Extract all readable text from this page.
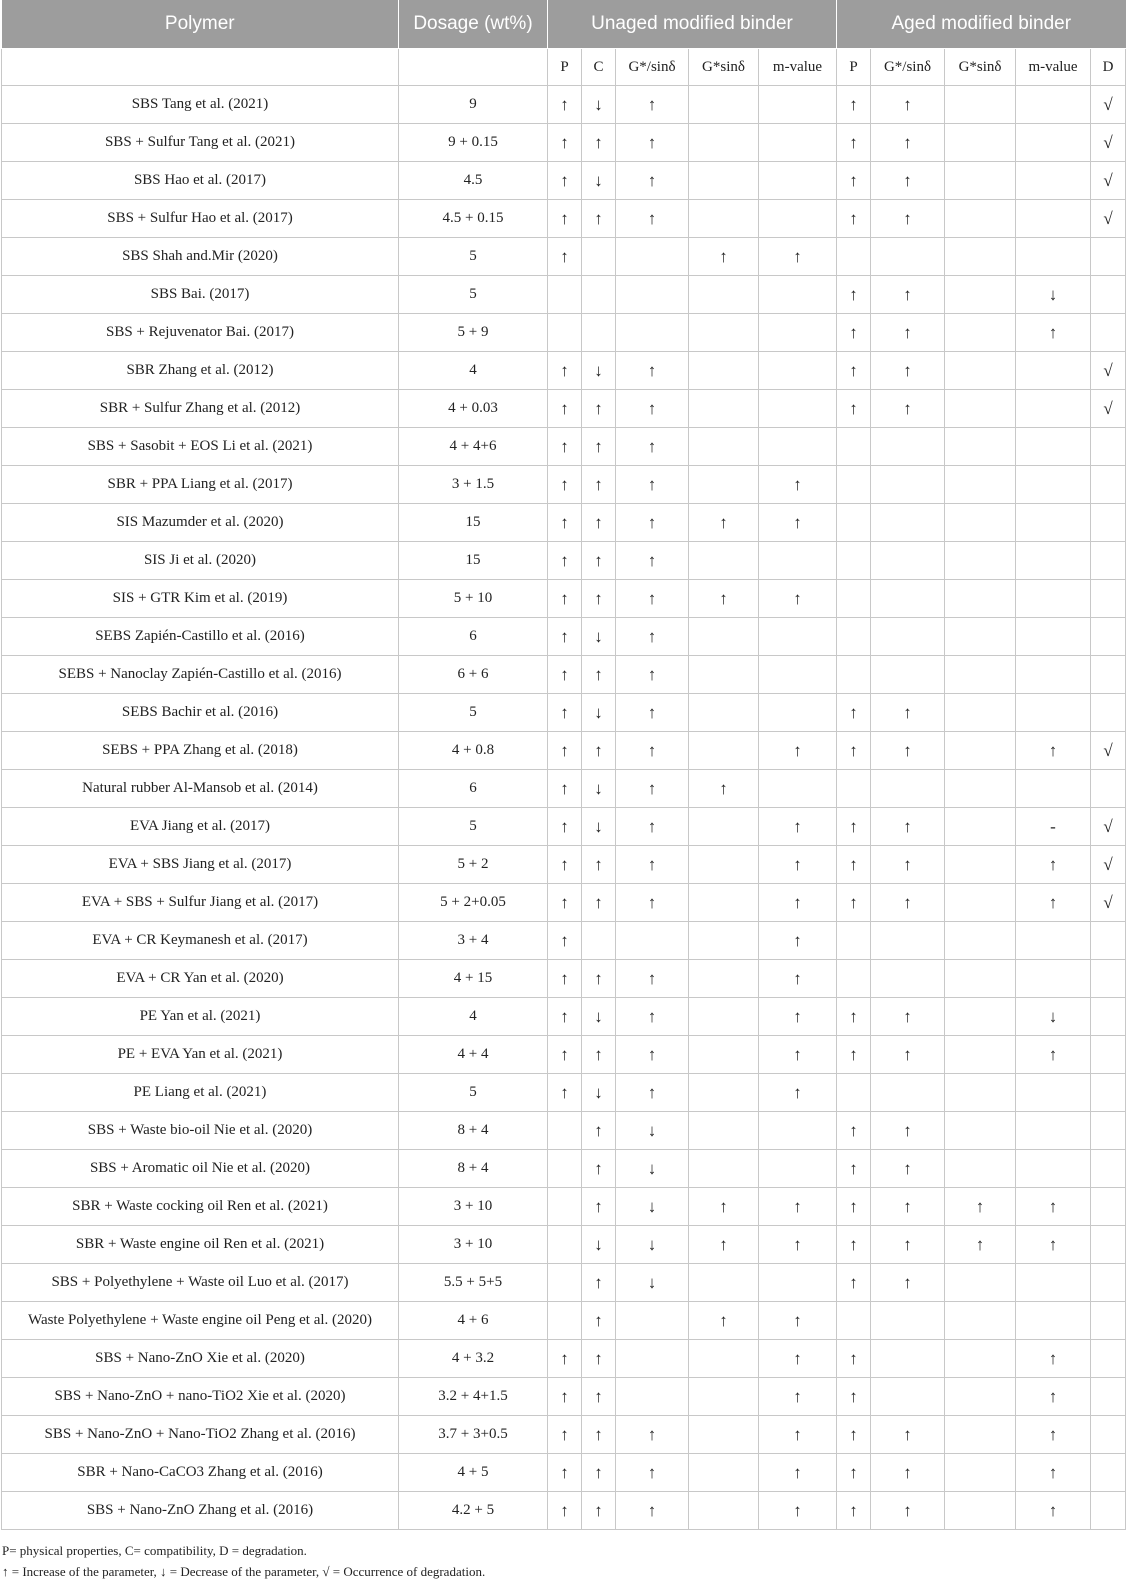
Polymer	Dosage (wt%)	Unaged modified binder					Aged modified binder				
		P	C	G*/sinδ	G*sinδ	m-value	P	G*/sinδ	G*sinδ	m-value	D
SBS Tang et al. (2021)	9	↑	↓	↑			↑	↑			√
SBS + Sulfur Tang et al. (2021)	9 + 0.15	↑	↑	↑			↑	↑			√
SBS Hao et al. (2017)	4.5	↑	↓	↑			↑	↑			√
SBS + Sulfur Hao et al. (2017)	4.5 + 0.15	↑	↑	↑			↑	↑			√
SBS Shah and.Mir (2020)	5	↑			↑	↑					
SBS Bai. (2017)	5						↑	↑		↓	
SBS + Rejuvenator Bai. (2017)	5 + 9						↑	↑		↑	
SBR Zhang et al. (2012)	4	↑	↓	↑			↑	↑			√
SBR + Sulfur Zhang et al. (2012)	4 + 0.03	↑	↑	↑			↑	↑			√
SBS + Sasobit + EOS Li et al. (2021)	4 + 4+6	↑	↑	↑							
SBR + PPA Liang et al. (2017)	3 + 1.5	↑	↑	↑		↑					
SIS Mazumder et al. (2020)	15	↑	↑	↑	↑	↑					
SIS Ji et al. (2020)	15	↑	↑	↑							
SIS + GTR Kim et al. (2019)	5 + 10	↑	↑	↑	↑	↑					
SEBS Zapién-Castillo et al. (2016)	6	↑	↓	↑							
SEBS + Nanoclay Zapién-Castillo et al. (2016)	6 + 6	↑	↑	↑							
SEBS Bachir et al. (2016)	5	↑	↓	↑			↑	↑			
SEBS + PPA Zhang et al. (2018)	4 + 0.8	↑	↑	↑		↑	↑	↑		↑	√
Natural rubber Al-Mansob et al. (2014)	6	↑	↓	↑	↑						
EVA Jiang et al. (2017)	5	↑	↓	↑		↑	↑	↑		-	√
EVA + SBS Jiang et al. (2017)	5 + 2	↑	↑	↑		↑	↑	↑		↑	√
EVA + SBS + Sulfur Jiang et al. (2017)	5 + 2+0.05	↑	↑	↑		↑	↑	↑		↑	√
EVA + CR Keymanesh et al. (2017)	3 + 4	↑				↑					
EVA + CR Yan et al. (2020)	4 + 15	↑	↑	↑		↑					
PE Yan et al. (2021)	4	↑	↓	↑		↑	↑	↑		↓	
PE + EVA Yan et al. (2021)	4 + 4	↑	↑	↑		↑	↑	↑		↑	
PE Liang et al. (2021)	5	↑	↓	↑		↑					
SBS + Waste bio-oil Nie et al. (2020)	8 + 4		↑	↓			↑	↑			
SBS + Aromatic oil Nie et al. (2020)	8 + 4		↑	↓			↑	↑			
SBR + Waste cocking oil Ren et al. (2021)	3 + 10		↑	↓	↑	↑	↑	↑	↑	↑	
SBR + Waste engine oil Ren et al. (2021)	3 + 10		↓	↓	↑	↑	↑	↑	↑	↑	
SBS + Polyethylene + Waste oil Luo et al. (2017)	5.5 + 5+5		↑	↓			↑	↑			
Waste Polyethylene + Waste engine oil Peng et al. (2020)	4 + 6		↑		↑	↑					
SBS + Nano-ZnO Xie et al. (2020)	4 + 3.2	↑	↑			↑	↑			↑	
SBS + Nano-ZnO + nano-TiO2 Xie et al. (2020)	3.2 + 4+1.5	↑	↑			↑	↑			↑	
SBS + Nano-ZnO + Nano-TiO2 Zhang et al. (2016)	3.7 + 3+0.5	↑	↑	↑		↑	↑	↑		↑	
SBR + Nano-CaCO3 Zhang et al. (2016)	4 + 5	↑	↑	↑		↑	↑	↑		↑	
SBS + Nano-ZnO Zhang et al. (2016)	4.2 + 5	↑	↑	↑		↑	↑	↑		↑	
P= physical properties, C= compatibility, D = degradation.
↑ = Increase of the parameter, ↓ = Decrease of the parameter, √ = Occurrence of degradation.
